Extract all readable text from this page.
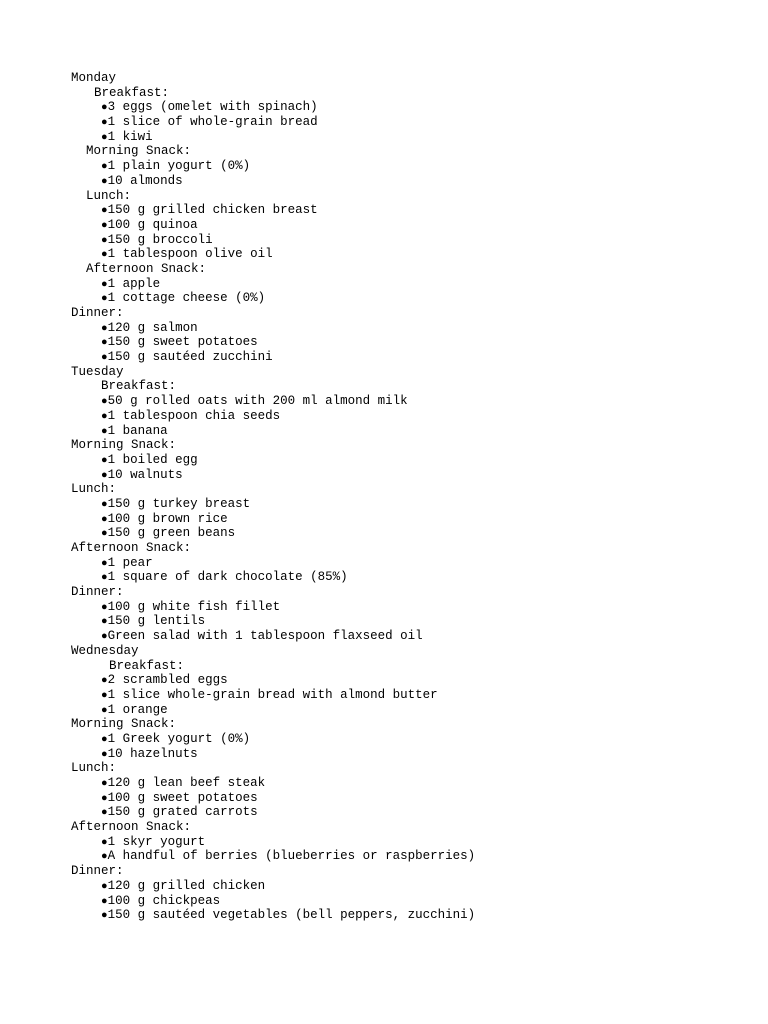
Monday
Breakfast:
●3 eggs (omelet with spinach)
●1 slice of whole-grain bread
●1 kiwi
Morning Snack:
●1 plain yogurt (0%)
●10 almonds
Lunch:
●150 g grilled chicken breast
●100 g quinoa
●150 g broccoli
●1 tablespoon olive oil
Afternoon Snack:
●1 apple
●1 cottage cheese (0%)
Dinner:
●120 g salmon
●150 g sweet potatoes
●150 g sautéed zucchini
Tuesday
Breakfast:
●50 g rolled oats with 200 ml almond milk
●1 tablespoon chia seeds
●1 banana
Morning Snack:
●1 boiled egg
●10 walnuts
Lunch:
●150 g turkey breast
●100 g brown rice
●150 g green beans
Afternoon Snack:
●1 pear
●1 square of dark chocolate (85%)
Dinner:
●100 g white fish fillet
●150 g lentils
●Green salad with 1 tablespoon flaxseed oil
Wednesday
Breakfast:
●2 scrambled eggs
●1 slice whole-grain bread with almond butter
●1 orange
Morning Snack:
●1 Greek yogurt (0%)
●10 hazelnuts
Lunch:
●120 g lean beef steak
●100 g sweet potatoes
●150 g grated carrots
Afternoon Snack:
●1 skyr yogurt
●A handful of berries (blueberries or raspberries)
Dinner:
●120 g grilled chicken
●100 g chickpeas
●150 g sautéed vegetables (bell peppers, zucchini)
